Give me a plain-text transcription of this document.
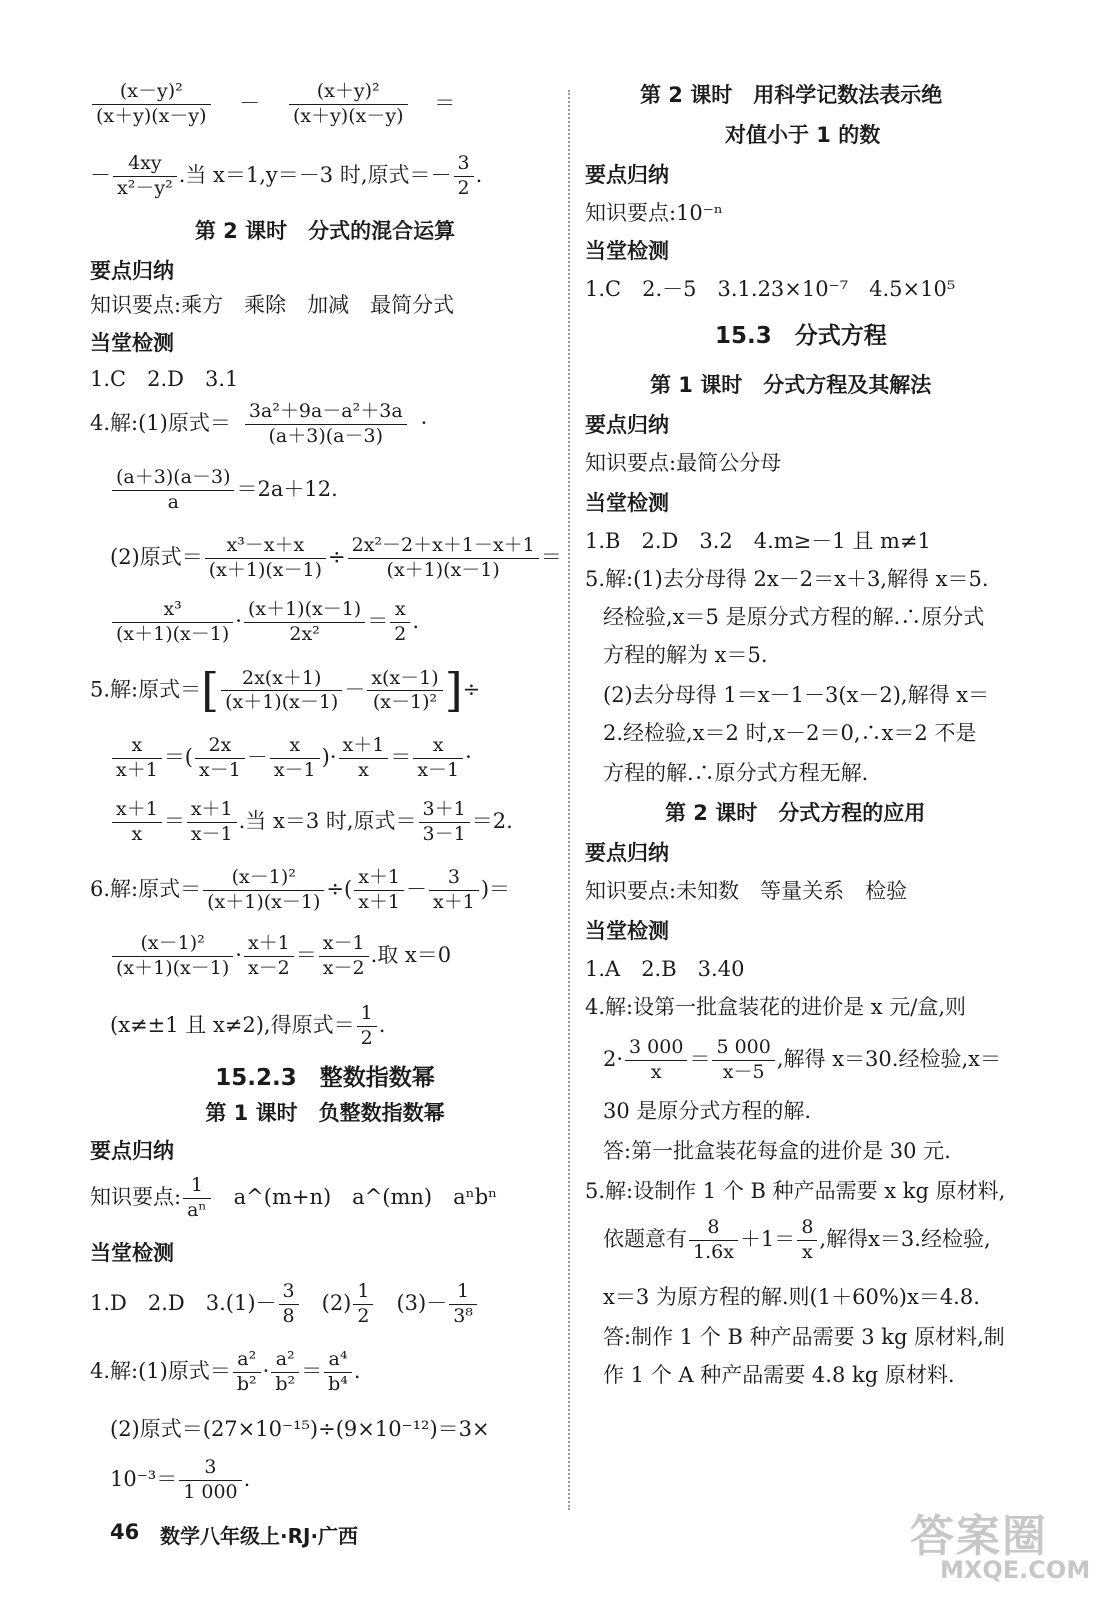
$\frac{\text{(x－y)²}}{(x+y)(x-y)} - \frac{\text{(x＋y)²}}{(x+y)(x-y)}$ ＝
－ $\frac{4xy}{\text{x²－y²}}$ .当 x＝1,y＝－3 时,原式＝－ $\frac{3}{2}$ .
第 2 课时　分式的混合运算
要点归纳
知识要点:乘方　乘除　加减　最简分式
当堂检测
1.C　2.D　3.1
4.解:(1)原式＝ $\frac{\text{3a²＋9a－a²＋3a}}{(a+3)(a-3)}$ ·
$\frac{(a+3)(a-3)}{a} =2a+12$.
(2)原式＝ $\frac{\text{x³－x＋x}}{(x+1)(x-1)} \div \frac{\text{2x²－2＋x＋1－x＋1}}{(x+1)(x-1)}$ ＝
$\frac{\text{x³}}{(x+1)(x-1)} \cdot \frac{(x+1)(x-1)}{\text{2x²}} = \frac{x}{2}$ .
5.解:原式＝[ $\frac{2x(x+1)}{(x+1)(x-1)} - \frac{x(x-1)}{\text{(x－1)²}}$ ]÷
$\frac{x}{x+1}$ ＝( $\frac{2x}{x-1} - \frac{x}{x-1}$ )· $\frac{x+1}{x} = \frac{x}{x-1}$ ·
$\frac{x+1}{x} = \frac{x+1}{x-1}$ .当 x＝3 时,原式＝ $\frac{3+1}{3-1} =2$.
6.解:原式＝ $\frac{\text{(x－1)²}}{(x+1)(x-1)}$ ÷( $\frac{x+1}{x+1} - \frac{3}{x+1}$ )＝
$\frac{\text{(x－1)²}}{(x+1)(x-1)} \cdot \frac{x+1}{x-2} = \frac{x-1}{x-2}$ .取 x＝0
(x≠±1 且 x≠2),得原式＝ $\frac{1}{2}$ .
15.2.3　整数指数幂
第 1 课时　负整数指数幂
要点归纳
知识要点: $\frac{1}{\text{aⁿ}}$ 　a^(m+n)　a^(mn)　aⁿbⁿ
当堂检测
1.D　2.D　$3.(1)- \frac{3}{8}$ 　$(2) \frac{1}{2}$ 　$(3)- \frac{1}{\text{3⁸}}$
4.解:(1)原式＝ $\frac{\text{a²}}{\text{b²}} \cdot \frac{\text{a²}}{\text{b²}} = \frac{\text{a⁴}}{\text{b⁴}}$ .
(2)原式＝(27×10⁻¹⁵)÷(9×10⁻¹²)＝3×
$10^{-3}= \frac{3}{1 000}$ .
第 2 课时　用科学记数法表示绝
对值小于 1 的数
要点归纳
知识要点:10⁻ⁿ
当堂检测
1.C　2.－5　3.1.23×10⁻⁷　4.5×10⁵
15.3　分式方程
第 1 课时　分式方程及其解法
要点归纳
知识要点:最简公分母
当堂检测
1.B　2.D　3.2　4.m≥－1 且 m≠1
5.解:(1)去分母得 2x－2＝x＋3,解得 x＝5.
经检验,x＝5 是原分式方程的解.∴原分式
方程的解为 x＝5.
(2)去分母得 1＝x－1－3(x－2),解得 x＝
2.经检验,x＝2 时,x－2＝0,∴x＝2 不是
方程的解.∴原分式方程无解.
第 2 课时　分式方程的应用
要点归纳
知识要点:未知数　等量关系　检验
当堂检测
1.A　2.B　3.40
4.解:设第一批盒装花的进价是 x 元/盒,则
$2\cdot \frac{3 000}{x} = \frac{5 000}{x-5}$ ,解得 x＝30.经检验,x＝
30 是原分式方程的解.
答:第一批盒装花每盒的进价是 30 元.
5.解:设制作 1 个 B 种产品需要 x kg 原材料,
依题意有 $\frac{8}{1.6x} +1= \frac{8}{x}$ ,解得x＝3.经检验,
x＝3 为原方程的解.则(1＋60%)x＝4.8.
答:制作 1 个 B 种产品需要 3 kg 原材料,制
作 1 个 A 种产品需要 4.8 kg 原材料.
46 数学八年级上·RJ·广西	答案圈
MXQE.COM
